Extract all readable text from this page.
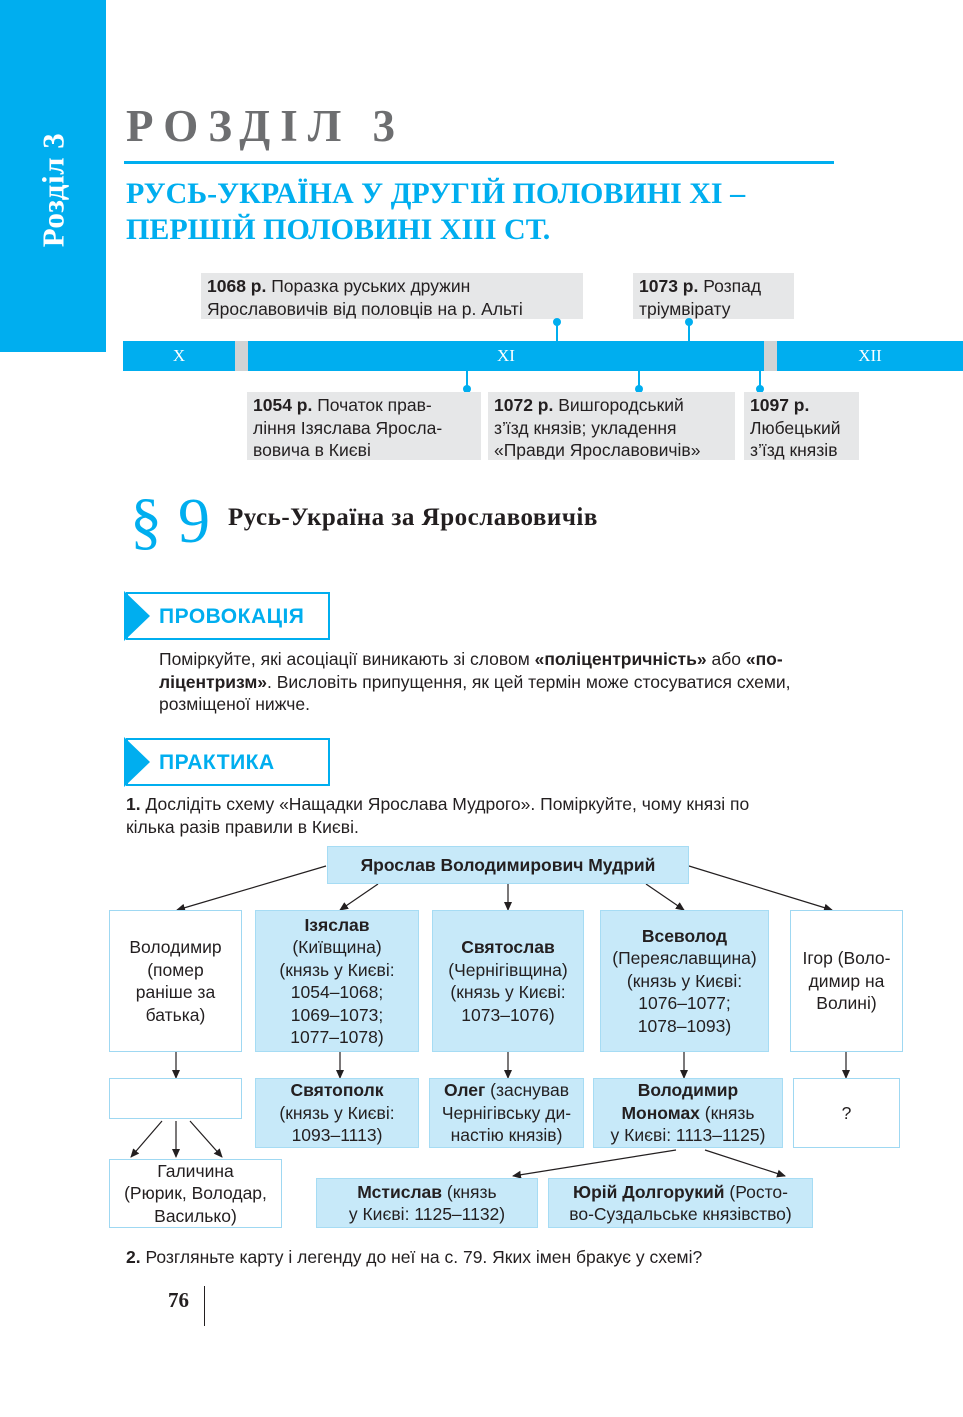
Розділ 3
РОЗДІЛ 3
РУСЬ-УКРАЇНА У ДРУГІЙ ПОЛОВИНІ XI –
ПЕРШІЙ ПОЛОВИНІ XIII СТ.
1068 р. Поразка руських дружин
Ярославовичів від половців на р. Альті
1073 р. Розпад
тріумвірату
X	XI	XII
1054 р. Початок прав-
ління Ізяслава Яросла-
вовича в Києві
1072 р. Вишгородський
з’їзд князів; укладення
«Правди Ярославовичів»
1097 р.
Любецький
з’їзд князів
§ 9 Русь-Україна за Ярославовичів
ПРОВОКАЦІЯ
Поміркуйте, які асоціації виникають зі словом «поліцентричність» або «по-
ліцентризм». Висловіть припущення, як цей термін може стосуватися схеми,
розміщеної нижче.
ПРАКТИКА
1. Дослідіть схему «Нащадки Ярослава Мудрого». Поміркуйте, чому князі по
кілька разів правили в Києві.
Ярослав Володимирович Мудрий
Володимир
(помер
раніше за
батька)
Ізяслав
(Київщина)
(князь у Києві:
1054–1068;
1069–1073;
1077–1078)
Святослав
(Чернігівщина)
(князь у Києві:
1073–1076)
Всеволод
(Переяславщина)
(князь у Києві:
1076–1077;
1078–1093)
Ігор (Воло-
димир на
Волині)
Святополк
(князь у Києві:
1093–1113)
Олег (заснував
Чернігівську ди-
настію князів)
Володимир
Мономах (князь
у Києві: 1113–1125)
?
Галичина
(Рюрик, Володар,
Василько)
Мстислав (князь
у Києві: 1125–1132)
Юрій Долгорукий (Росто-
во-Суздальське князівство)
2. Розгляньте карту і легенду до неї на с. 79. Яких імен бракує у схемі?
76
